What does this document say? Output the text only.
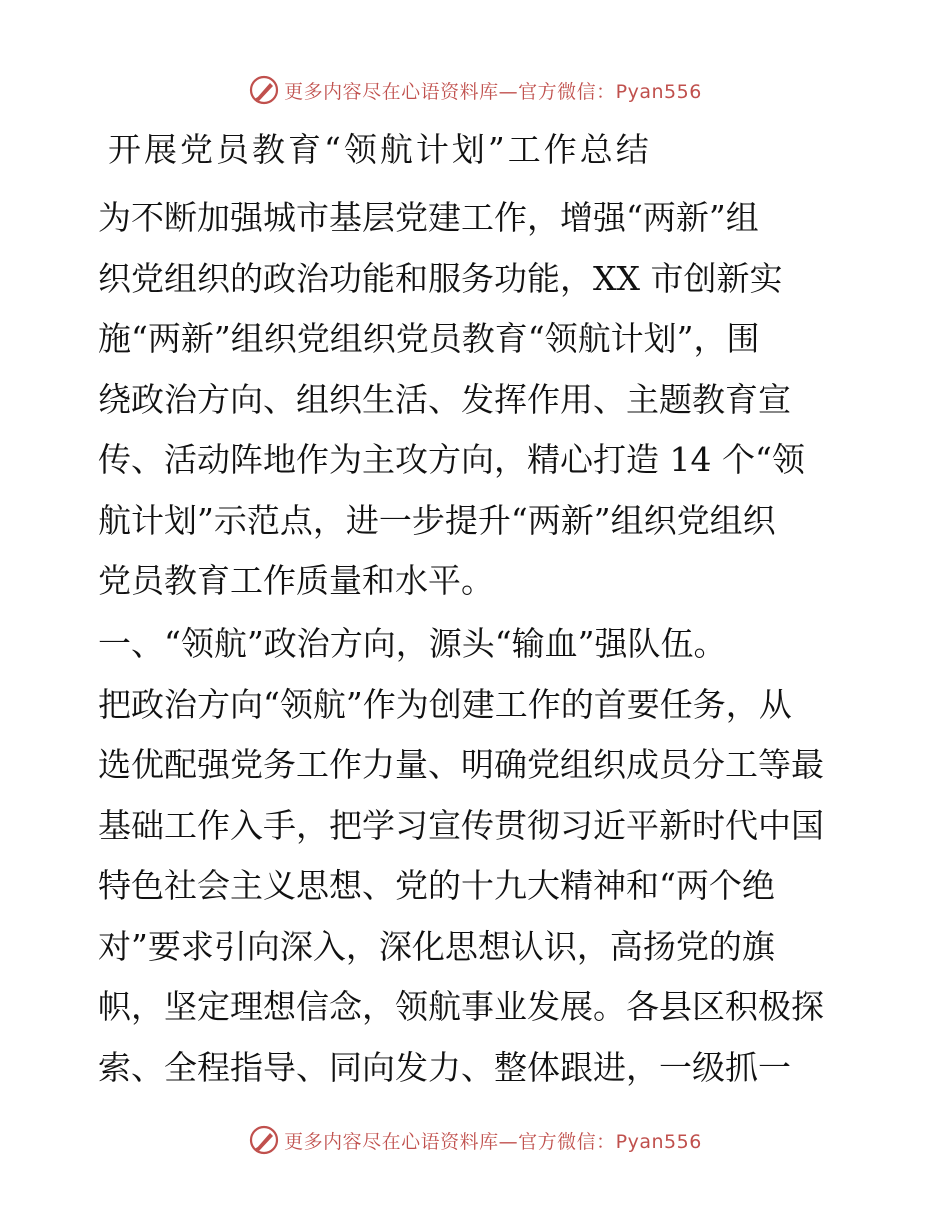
更多内容尽在心语资料库—官方微信：Pyan556
开展党员教育“领航计划”工作总结
为不断加强城市基层党建工作，增强“两新”组
织党组织的政治功能和服务功能，XX 市创新实
施“两新”组织党组织党员教育“领航计划”，围
绕政治方向、组织生活、发挥作用、主题教育宣
传、活动阵地作为主攻方向，精心打造 14 个“领
航计划”示范点，进一步提升“两新”组织党组织
党员教育工作质量和水平。
一、“领航”政治方向，源头“输血”强队伍。
把政治方向“领航”作为创建工作的首要任务，从
选优配强党务工作力量、明确党组织成员分工等最
基础工作入手，把学习宣传贯彻习近平新时代中国
特色社会主义思想、党的十九大精神和“两个绝
对”要求引向深入，深化思想认识，高扬党的旗
帜，坚定理想信念，领航事业发展。各县区积极探
索、全程指导、同向发力、整体跟进，一级抓一
更多内容尽在心语资料库—官方微信：Pyan556
